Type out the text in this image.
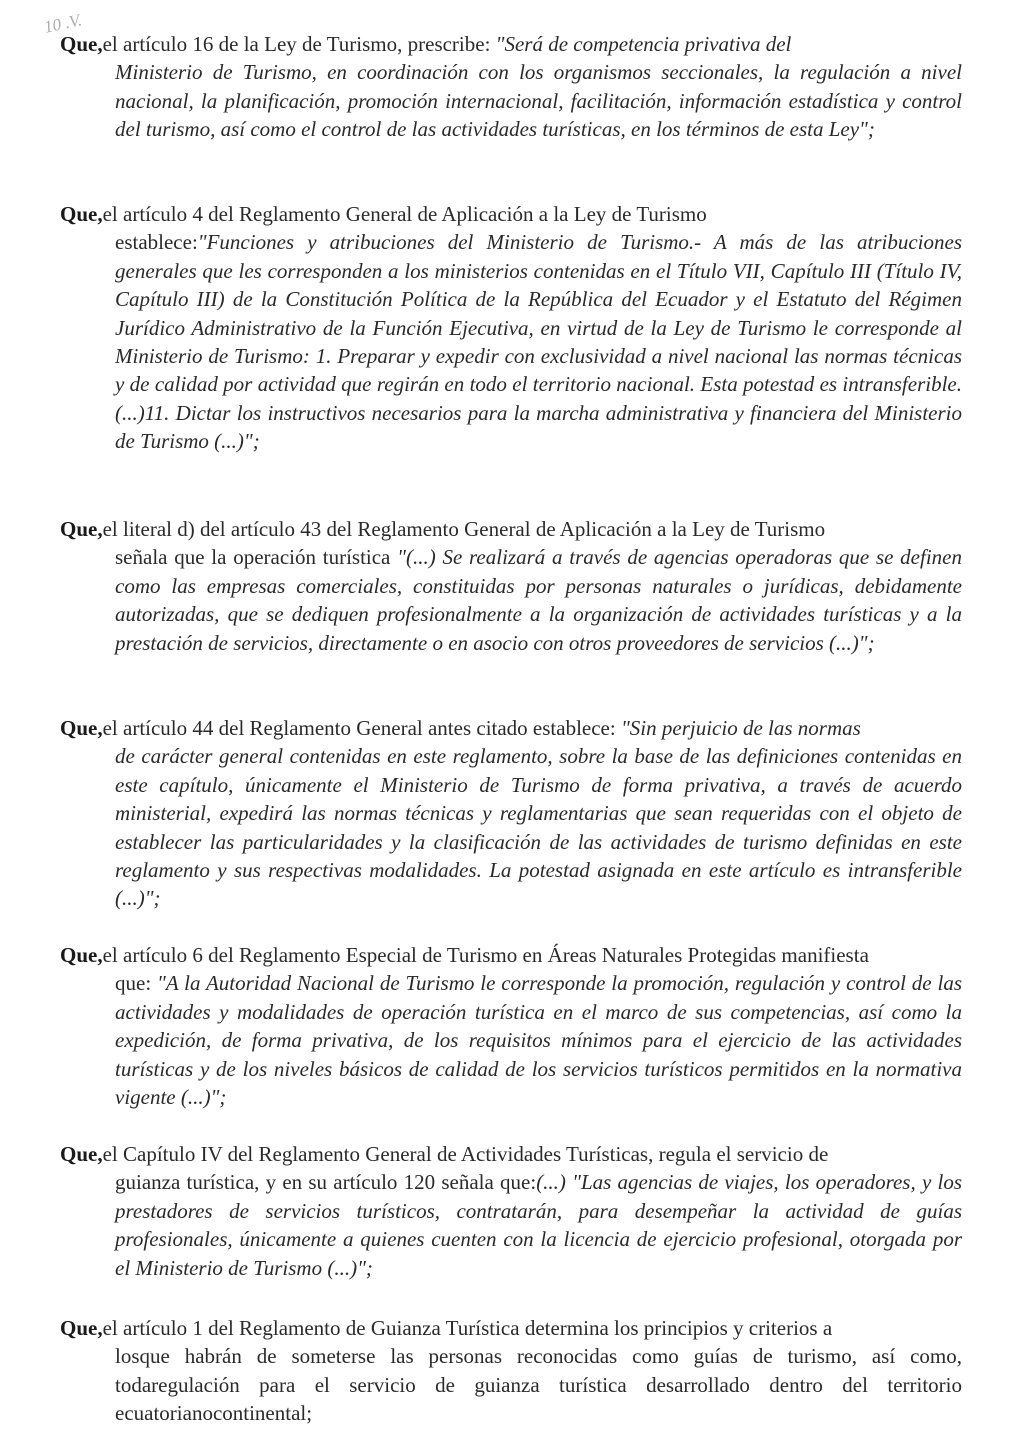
10 .V.
Que,el artículo 16 de la Ley de Turismo, prescribe: "Será de competencia privativa del
Ministerio de Turismo, en coordinación con los organismos seccionales, la regulación a nivel nacional, la planificación, promoción internacional, facilitación, información estadística y control del turismo, así como el control de las actividades turísticas, en los términos de esta Ley";
Que,el artículo 4 del Reglamento General de Aplicación a la Ley de Turismo
establece:"Funciones y atribuciones del Ministerio de Turismo.- A más de las atribuciones generales que les corresponden a los ministerios contenidas en el Título VII, Capítulo III (Título IV, Capítulo III) de la Constitución Política de la República del Ecuador y el Estatuto del Régimen Jurídico Administrativo de la Función Ejecutiva, en virtud de la Ley de Turismo le corresponde al Ministerio de Turismo: 1. Preparar y expedir con exclusividad a nivel nacional las normas técnicas y de calidad por actividad que regirán en todo el territorio nacional. Esta potestad es intransferible. (...)11. Dictar los instructivos necesarios para la marcha administrativa y financiera del Ministerio de Turismo (...)";
Que,el literal d) del artículo 43 del Reglamento General de Aplicación a la Ley de Turismo
señala que la operación turística "(...) Se realizará a través de agencias operadoras que se definen como las empresas comerciales, constituidas por personas naturales o jurídicas, debidamente autorizadas, que se dediquen profesionalmente a la organización de actividades turísticas y a la prestación de servicios, directamente o en asocio con otros proveedores de servicios (...)";
Que,el artículo 44 del Reglamento General antes citado establece: "Sin perjuicio de las normas
de carácter general contenidas en este reglamento, sobre la base de las definiciones contenidas en este capítulo, únicamente el Ministerio de Turismo de forma privativa, a través de acuerdo ministerial, expedirá las normas técnicas y reglamentarias que sean requeridas con el objeto de establecer las particularidades y la clasificación de las actividades de turismo definidas en este reglamento y sus respectivas modalidades. La potestad asignada en este artículo es intransferible (...)";
Que,el artículo 6 del Reglamento Especial de Turismo en Áreas Naturales Protegidas manifiesta
que: "A la Autoridad Nacional de Turismo le corresponde la promoción, regulación y control de las actividades y modalidades de operación turística en el marco de sus competencias, así como la expedición, de forma privativa, de los requisitos mínimos para el ejercicio de las actividades turísticas y de los niveles básicos de calidad de los servicios turísticos permitidos en la normativa vigente (...)";
Que,el Capítulo IV del Reglamento General de Actividades Turísticas, regula el servicio de
guianza turística, y en su artículo 120 señala que:(...) "Las agencias de viajes, los operadores, y los prestadores de servicios turísticos, contratarán, para desempeñar la actividad de guías profesionales, únicamente a quienes cuenten con la licencia de ejercicio profesional, otorgada por el Ministerio de Turismo (...)";
Que,el artículo 1 del Reglamento de Guianza Turística determina los principios y criterios a
losque habrán de someterse las personas reconocidas como guías de turismo, así como, todaregulación para el servicio de guianza turística desarrollado dentro del territorio ecuatorianocontinental;
